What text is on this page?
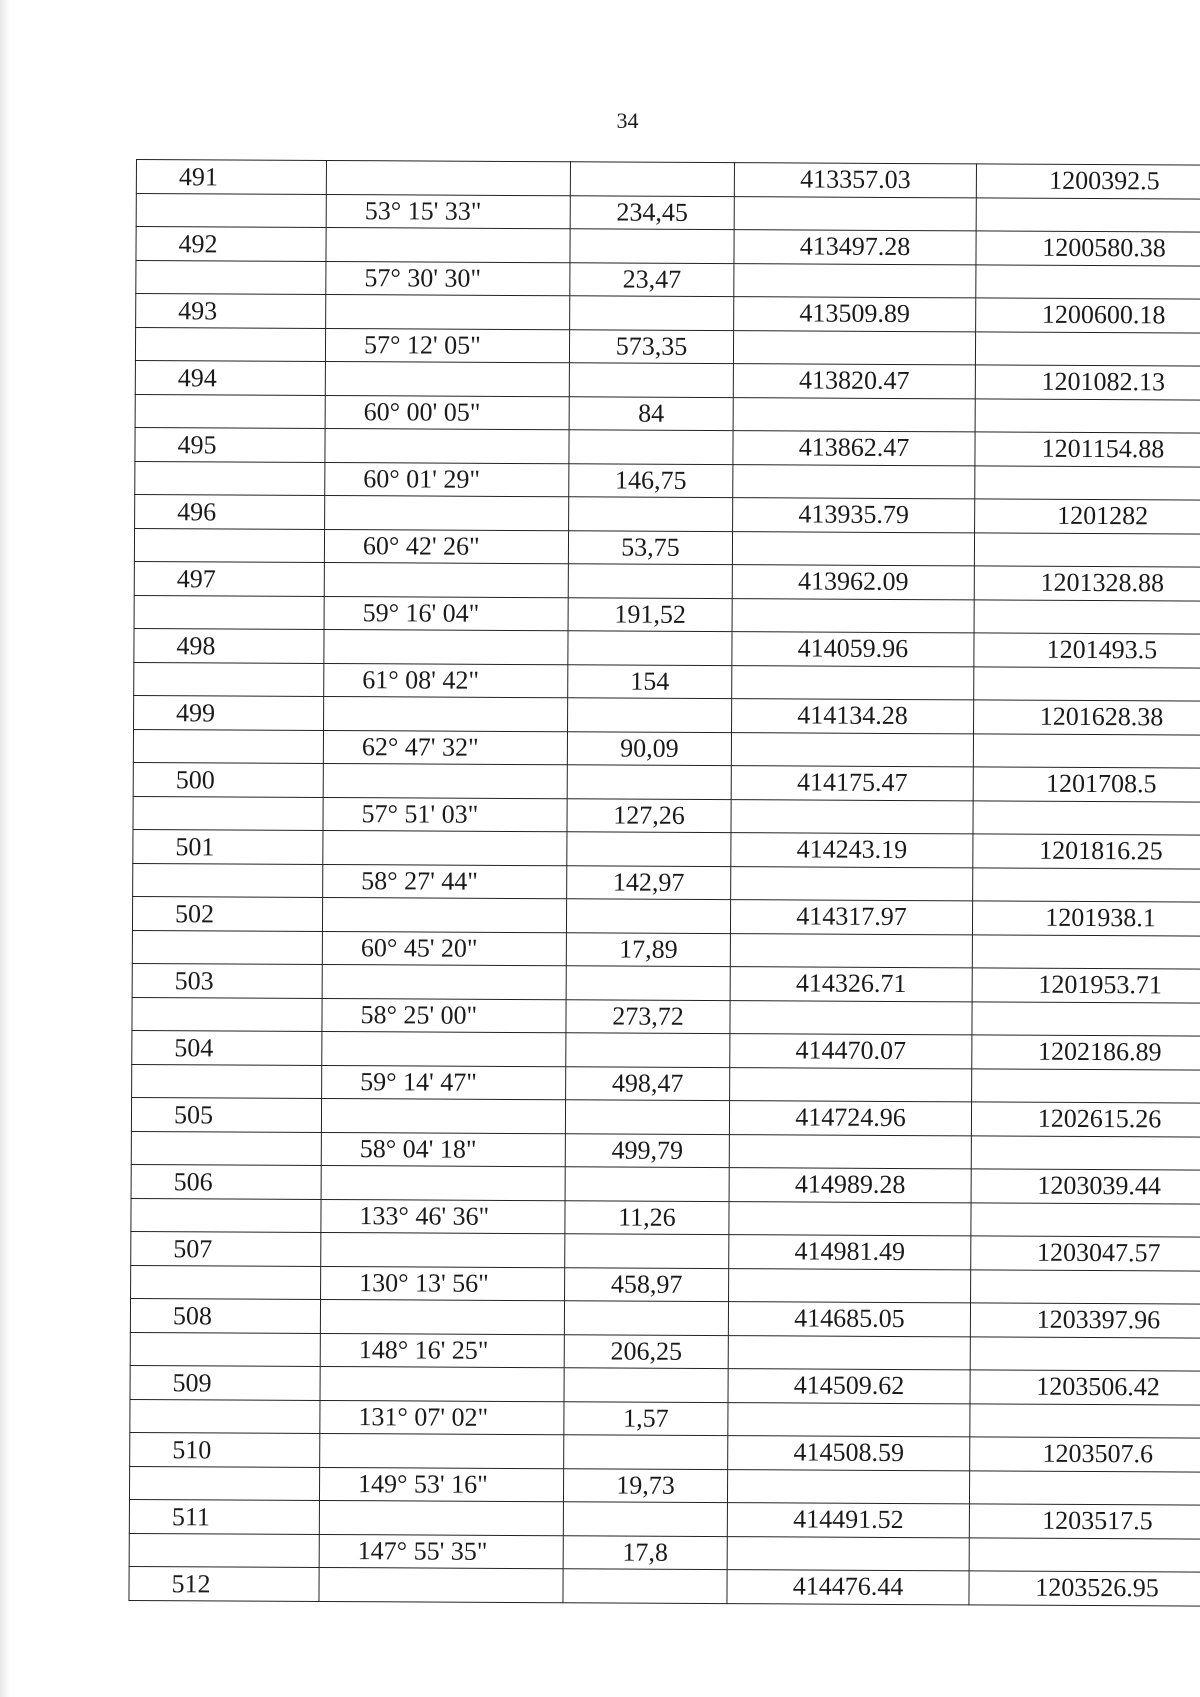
34
491			413357.03	1200392.5
	53° 15' 33"	234,45		
492			413497.28	1200580.38
	57° 30' 30"	23,47		
493			413509.89	1200600.18
	57° 12' 05"	573,35		
494			413820.47	1201082.13
	60° 00' 05"	84		
495			413862.47	1201154.88
	60° 01' 29"	146,75		
496			413935.79	1201282
	60° 42' 26"	53,75		
497			413962.09	1201328.88
	59° 16' 04"	191,52		
498			414059.96	1201493.5
	61° 08' 42"	154		
499			414134.28	1201628.38
	62° 47' 32"	90,09		
500			414175.47	1201708.5
	57° 51' 03"	127,26		
501			414243.19	1201816.25
	58° 27' 44"	142,97		
502			414317.97	1201938.1
	60° 45' 20"	17,89		
503			414326.71	1201953.71
	58° 25' 00"	273,72		
504			414470.07	1202186.89
	59° 14' 47"	498,47		
505			414724.96	1202615.26
	58° 04' 18"	499,79		
506			414989.28	1203039.44
	133° 46' 36"	11,26		
507			414981.49	1203047.57
	130° 13' 56"	458,97		
508			414685.05	1203397.96
	148° 16' 25"	206,25		
509			414509.62	1203506.42
	131° 07' 02"	1,57		
510			414508.59	1203507.6
	149° 53' 16"	19,73		
511			414491.52	1203517.5
	147° 55' 35"	17,8		
512			414476.44	1203526.95
